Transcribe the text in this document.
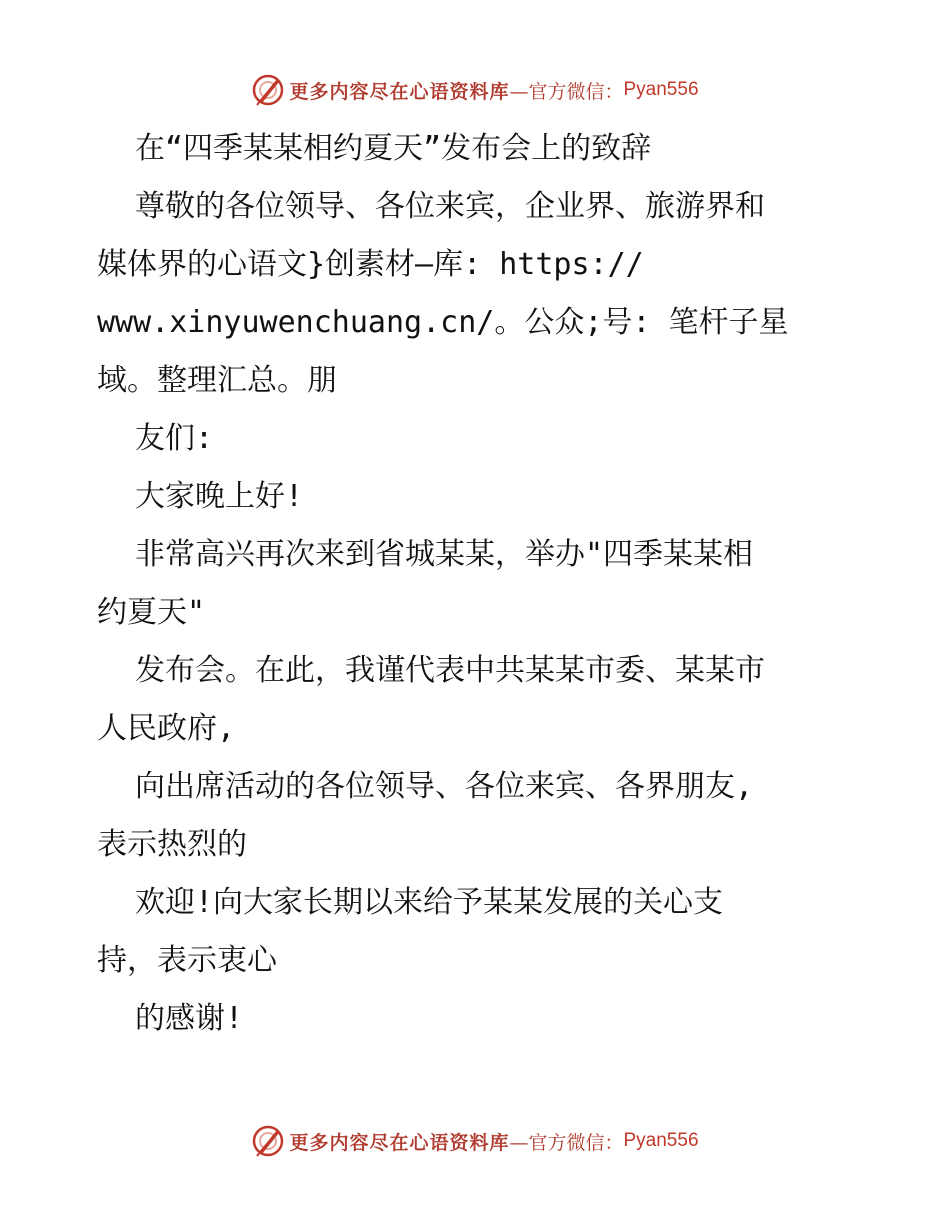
更多内容尽在心语资料库 —官方微信： Pyan556

在“四季某某相约夏天”发布会上的致辞

尊敬的各位领导、各位来宾，企业界、旅游界和

媒体界的心语文}创素材—库: https://

www.xinyuwenchuang.cn/。公众;号: 笔杆子星

域。整理汇总。朋

友们:

大家晚上好!

非常高兴再次来到省城某某，举办"四季某某相

约夏天"

发布会。在此，我谨代表中共某某市委、某某市

人民政府,

向出席活动的各位领导、各位来宾、各界朋友,

表示热烈的

欢迎!向大家长期以来给予某某发展的关心支

持，表示衷心

的感谢!

更多内容尽在心语资料库 —官方微信： Pyan556
